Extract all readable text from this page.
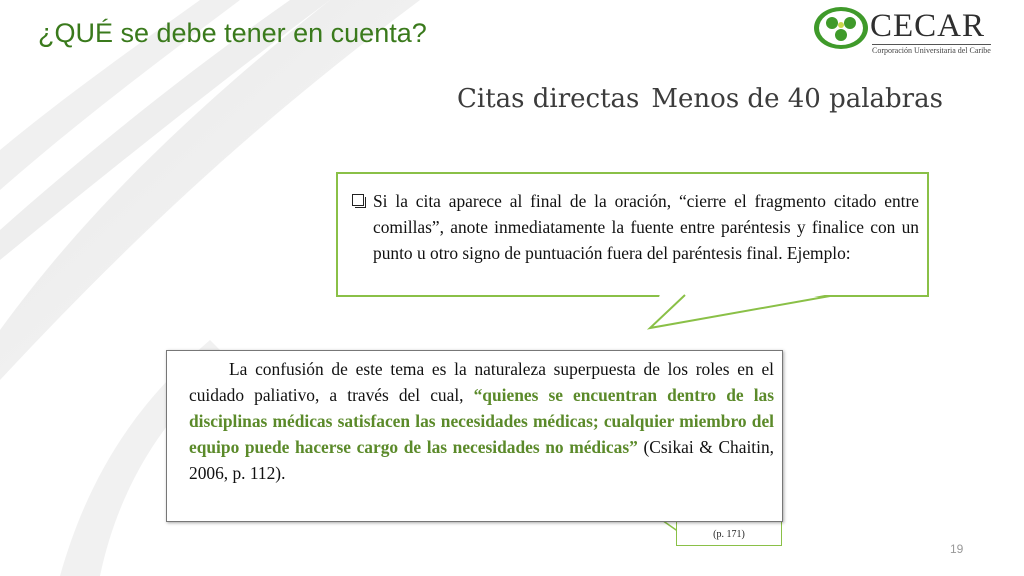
¿QUÉ se debe tener en cuenta?	CECAR
Corporación Universitaria del Caribe
Citas directas Menos de 40 palabras
Si la cita aparece al final de la oración, “cierre el fragmento citado entre comillas”, anote inmediatamente la fuente entre paréntesis y finalice con un punto u otro signo de puntuación fuera del paréntesis final. Ejemplo:

La confusión de este tema es la naturaleza superpuesta de los roles en el cuidado paliativo, a través del cual, “quienes se encuentran dentro de las disciplinas médicas satisfacen las necesidades médicas; cualquier miembro del equipo puede hacerse cargo de las necesidades no médicas” (Csikai & Chaitin, 2006, p. 112).

(p. 171)
19
